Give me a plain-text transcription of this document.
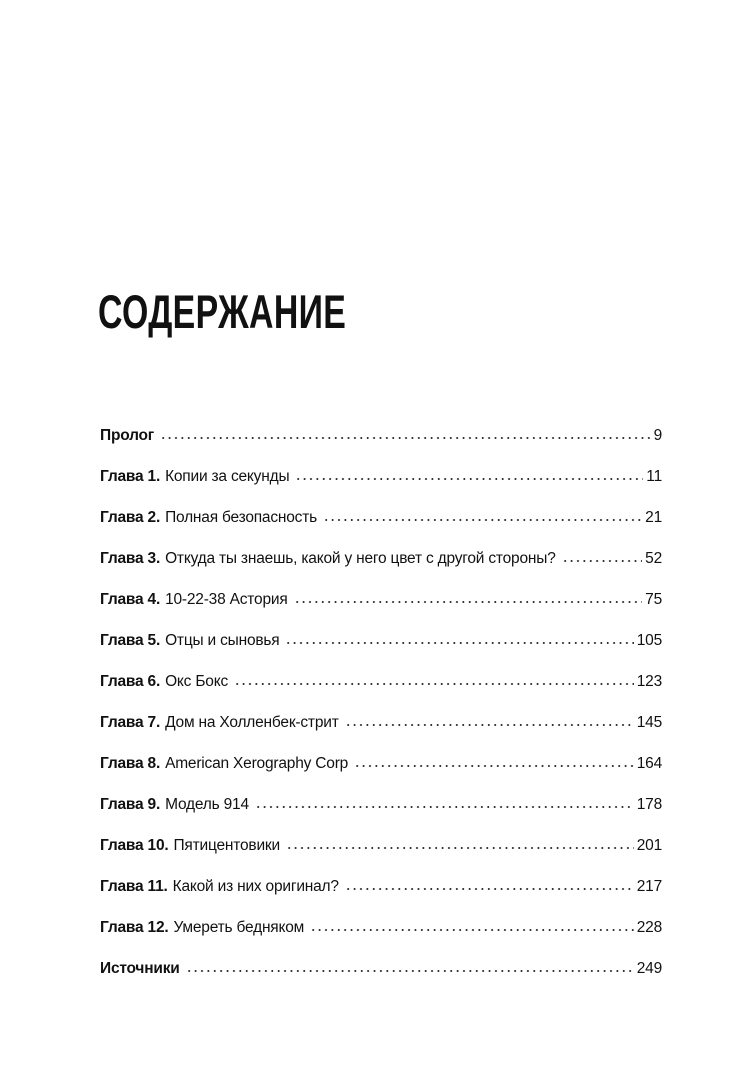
СОДЕРЖАНИЕ
Пролог	9
Глава 1. Копии за секунды	11
Глава 2. Полная безопасность	21
Глава 3. Откуда ты знаешь, какой у него цвет с другой стороны?	52
Глава 4. 10-22-38 Астория	75
Глава 5. Отцы и сыновья	105
Глава 6. Окс Бокс	123
Глава 7. Дом на Холленбек-стрит	145
Глава 8. American Xerography Corp	164
Глава 9. Модель 914	178
Глава 10. Пятицентовики	201
Глава 11. Какой из них оригинал?	217
Глава 12. Умереть бедняком	228
Источники	249
